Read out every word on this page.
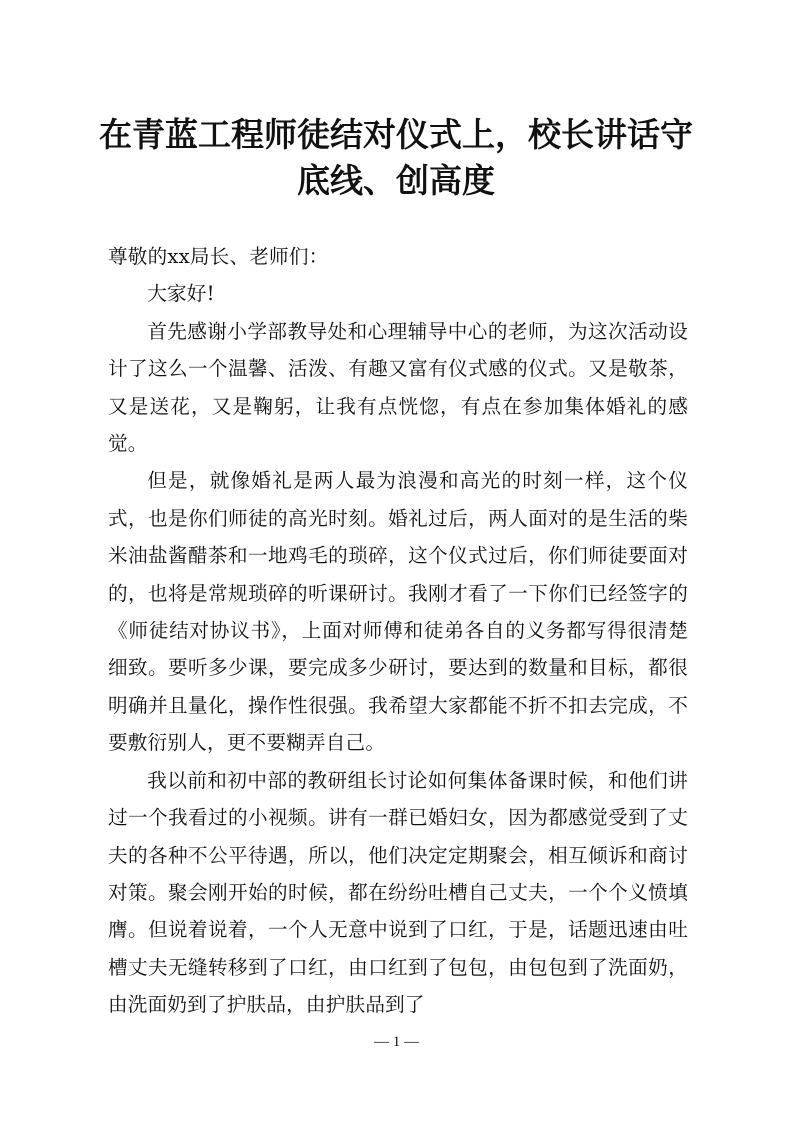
在青蓝工程师徒结对仪式上，校长讲话守
底线、创高度

尊敬的xx局长、老师们：

大家好!

首先感谢小学部教导处和心理辅导中心的老师，为这次活动设计了这么一个温馨、活泼、有趣又富有仪式感的仪式。又是敬茶，又是送花，又是鞠躬，让我有点恍惚，有点在参加集体婚礼的感觉。

但是，就像婚礼是两人最为浪漫和高光的时刻一样，这个仪式，也是你们师徒的高光时刻。婚礼过后，两人面对的是生活的柴米油盐酱醋茶和一地鸡毛的琐碎，这个仪式过后，你们师徒要面对的，也将是常规琐碎的听课研讨。我刚才看了一下你们已经签字的《师徒结对协议书》，上面对师傅和徒弟各自的义务都写得很清楚细致。要听多少课，要完成多少研讨，要达到的数量和目标，都很明确并且量化，操作性很强。我希望大家都能不折不扣去完成，不要敷衍别人，更不要糊弄自己。

我以前和初中部的教研组长讨论如何集体备课时候，和他们讲过一个我看过的小视频。讲有一群已婚妇女，因为都感觉受到了丈夫的各种不公平待遇，所以，他们决定定期聚会，相互倾诉和商讨对策。聚会刚开始的时候，都在纷纷吐槽自己丈夫，一个个义愤填膺。但说着说着，一个人无意中说到了口红，于是，话题迅速由吐槽丈夫无缝转移到了口红，由口红到了包包，由包包到了洗面奶，由洗面奶到了护肤品，由护肤品到了

— 1 —
